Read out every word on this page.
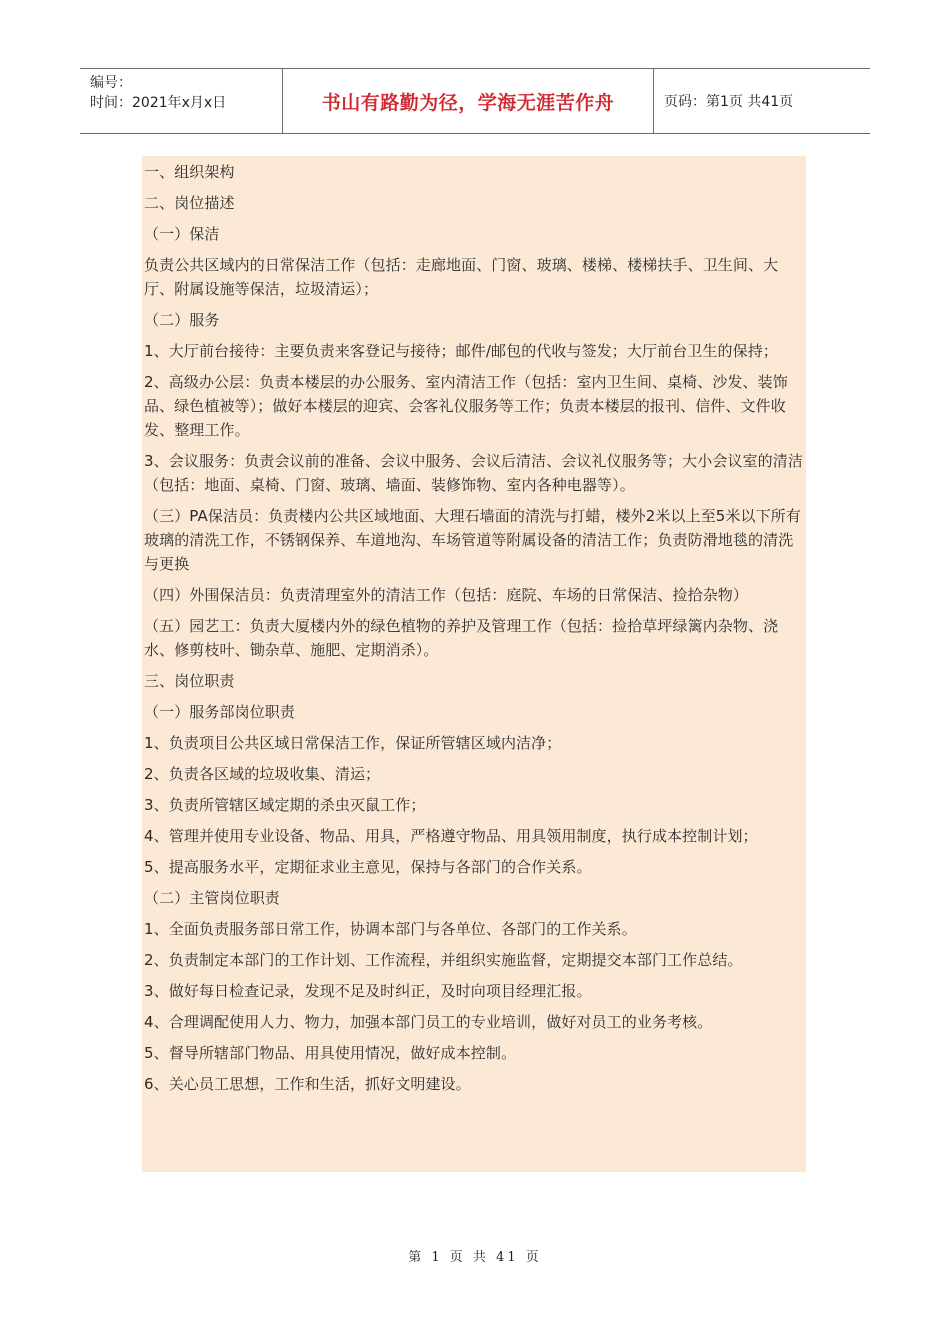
编号：
时间：2021年x月x日	书山有路勤为径，学海无涯苦作舟	页码：第1页 共41页

一、组织架构

二、岗位描述

（一）保洁

负责公共区域内的日常保洁工作（包括：走廊地面、门窗、玻璃、楼梯、楼梯扶手、卫生间、大厅、附属设施等保洁，垃圾清运）；

（二）服务

1、大厅前台接待：主要负责来客登记与接待；邮件/邮包的代收与签发；大厅前台卫生的保持；

2、高级办公层：负责本楼层的办公服务、室内清洁工作（包括：室内卫生间、桌椅、沙发、装饰品、绿色植被等）；做好本楼层的迎宾、会客礼仪服务等工作；负责本楼层的报刊、信件、文件收发、整理工作。

3、会议服务：负责会议前的准备、会议中服务、会议后清洁、会议礼仪服务等；大小会议室的清洁（包括：地面、桌椅、门窗、玻璃、墙面、装修饰物、室内各种电器等）。

（三）PA保洁员：负责楼内公共区域地面、大理石墙面的清洗与打蜡，楼外2米以上至5米以下所有玻璃的清洗工作，不锈钢保养、车道地沟、车场管道等附属设备的清洁工作；负责防滑地毯的清洗与更换

（四）外围保洁员：负责清理室外的清洁工作（包括：庭院、车场的日常保洁、捡拾杂物）

（五）园艺工：负责大厦楼内外的绿色植物的养护及管理工作（包括：捡拾草坪绿篱内杂物、浇水、修剪枝叶、锄杂草、施肥、定期消杀）。

三、岗位职责

（一）服务部岗位职责

1、负责项目公共区域日常保洁工作，保证所管辖区域内洁净；

2、负责各区域的垃圾收集、清运；

3、负责所管辖区域定期的杀虫灭鼠工作；

4、管理并使用专业设备、物品、用具，严格遵守物品、用具领用制度，执行成本控制计划；

5、提高服务水平，定期征求业主意见，保持与各部门的合作关系。

（二）主管岗位职责

1、全面负责服务部日常工作，协调本部门与各单位、各部门的工作关系。

2、负责制定本部门的工作计划、工作流程，并组织实施监督，定期提交本部门工作总结。

3、做好每日检查记录，发现不足及时纠正，及时向项目经理汇报。

4、合理调配使用人力、物力，加强本部门员工的专业培训，做好对员工的业务考核。

5、督导所辖部门物品、用具使用情况，做好成本控制。

6、关心员工思想，工作和生活，抓好文明建设。

第 1 页 共 41 页
